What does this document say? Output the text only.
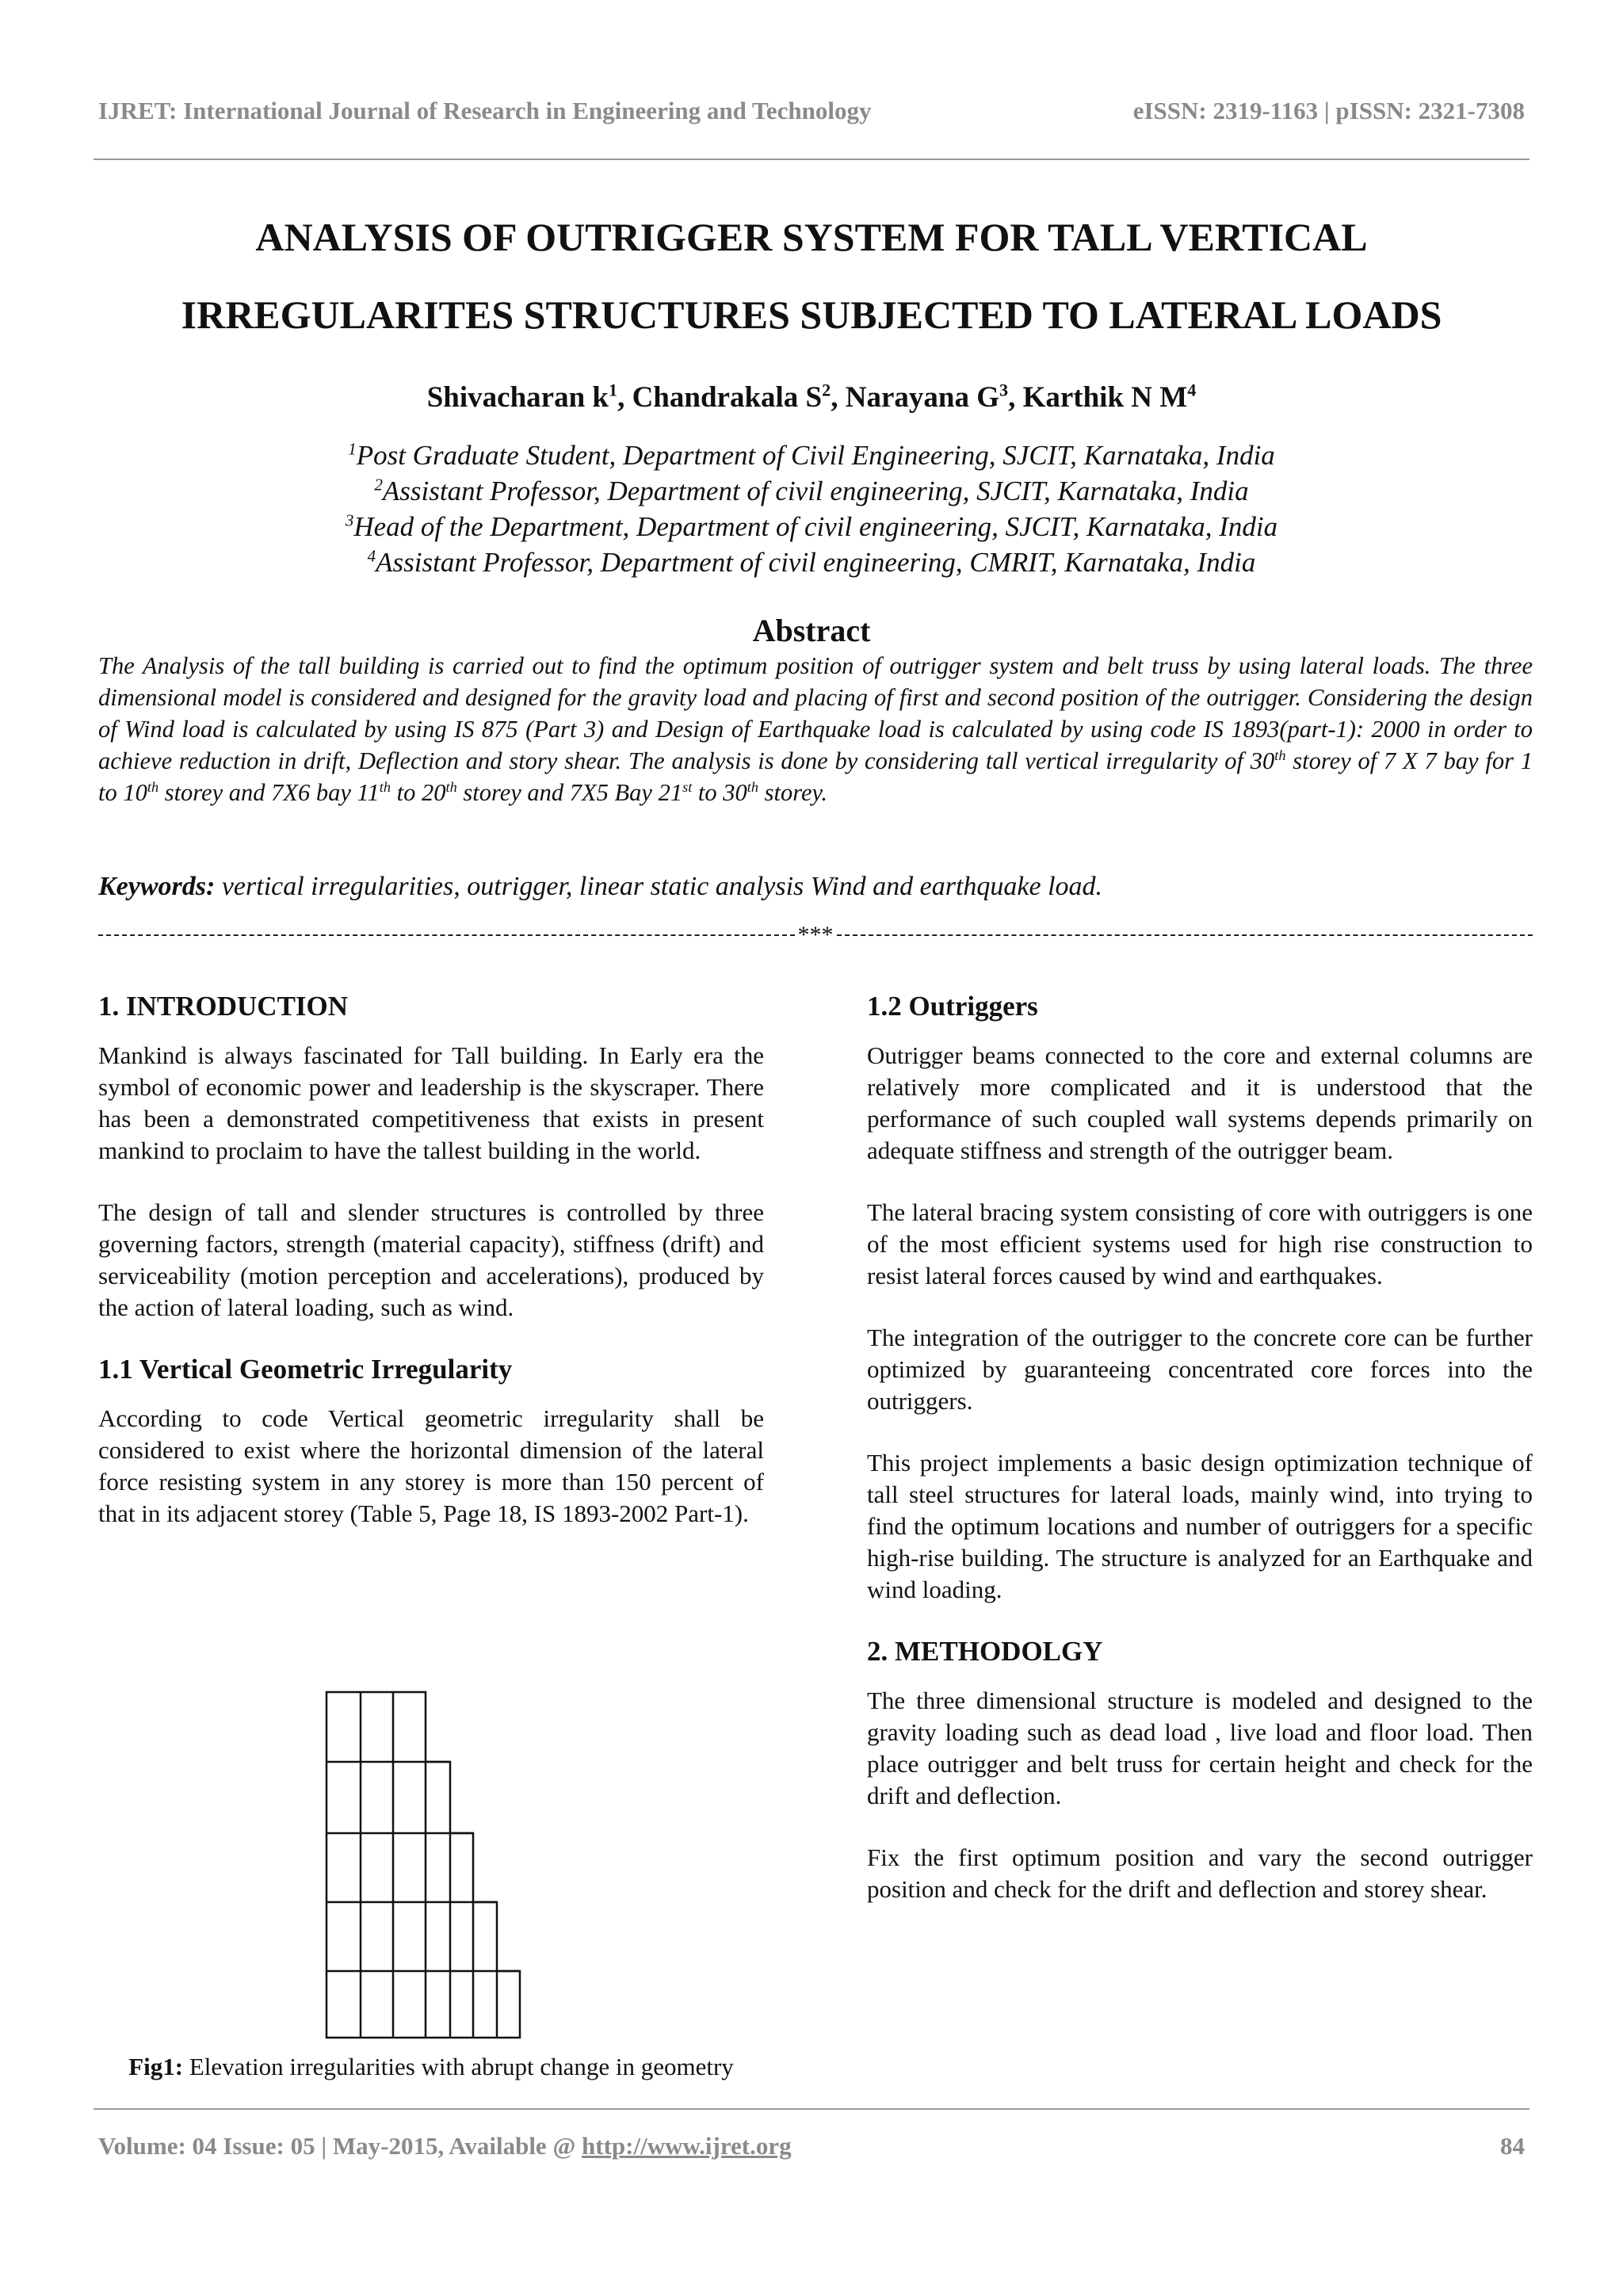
IJRET: International Journal of Research in Engineering and Technology	eISSN: 2319-1163 | pISSN: 2321-7308
ANALYSIS OF OUTRIGGER SYSTEM FOR TALL VERTICAL
IRREGULARITES STRUCTURES SUBJECTED TO LATERAL LOADS
Shivacharan $k^1$, Chandrakala $S^2$, Narayana $G^3$, Karthik N $M^4$
$^1$Post Graduate Student, Department of Civil Engineering, SJCIT, Karnataka, India
$^2$Assistant Professor, Department of civil engineering, SJCIT, Karnataka, India
$^3$Head of the Department, Department of civil engineering, SJCIT, Karnataka, India
$^4$Assistant Professor, Department of civil engineering, CMRIT, Karnataka, India
Abstract
The Analysis of the tall building is carried out to find the optimum position of outrigger system and belt truss by using lateral loads. The three dimensional model is considered and designed for the gravity load and placing of first and second position of the outrigger. Considering the design of Wind load is calculated by using IS 875 (Part 3) and Design of Earthquake load is calculated by using code IS 1893(part-1): 2000 in order to achieve reduction in drift, Deflection and story shear. The analysis is done by considering tall vertical irregularity of 30th storey of 7 X 7 bay for 1 to 10th storey and 7X6 bay 11th to 20th storey and 7X5 Bay 21st to 30th storey.
Keywords: vertical irregularities, outrigger, linear static analysis Wind and earthquake load.
***
1. INTRODUCTION

Mankind is always fascinated for Tall building. In Early era the symbol of economic power and leadership is the skyscraper. There has been a demonstrated competitiveness that exists in present mankind to proclaim to have the tallest building in the world.

The design of tall and slender structures is controlled by three governing factors, strength (material capacity), stiffness (drift) and serviceability (motion perception and accelerations), produced by the action of lateral loading, such as wind.

1.1 Vertical Geometric Irregularity

According to code Vertical geometric irregularity shall be considered to exist where the horizontal dimension of the lateral force resisting system in any storey is more than 150 percent of that in its adjacent storey (Table 5, Page 18, IS 1893-2002 Part-1).

Fig1: Elevation irregularities with abrupt change in geometry
1.2 Outriggers

Outrigger beams connected to the core and external columns are relatively more complicated and it is understood that the performance of such coupled wall systems depends primarily on adequate stiffness and strength of the outrigger beam.

The lateral bracing system consisting of core with outriggers is one of the most efficient systems used for high rise construction to resist lateral forces caused by wind and earthquakes.

The integration of the outrigger to the concrete core can be further optimized by guaranteeing concentrated core forces into the outriggers.

This project implements a basic design optimization technique of tall steel structures for lateral loads, mainly wind, into trying to find the optimum locations and number of outriggers for a specific high-rise building. The structure is analyzed for an Earthquake and wind loading.

2. METHODOLGY

The three dimensional structure is modeled and designed to the gravity loading such as dead load , live load and floor load. Then place outrigger and belt truss for certain height and check for the drift and deflection.

Fix the first optimum position and vary the second outrigger position and check for the drift and deflection and storey shear.

Volume: 04 Issue: 05 | May-2015, Available @ http://www.ijret.org	84
